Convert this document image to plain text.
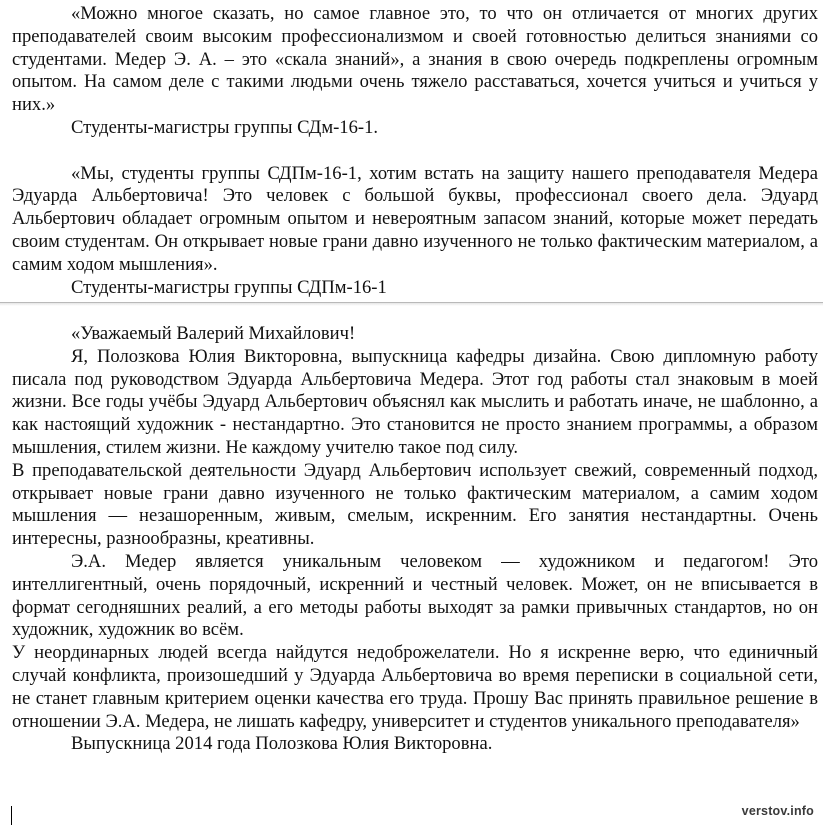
«Можно многое сказать, но самое главное это, то что он отличается от многих других преподавателей своим высоким профессионализмом и своей готовностью делиться знаниями со студентами. Медер Э. А. – это «скала знаний», а знания в свою очередь подкреплены огромным опытом. На самом деле с такими людьми очень тяжело расставаться, хочется учиться и учиться у них.»

Студенты-магистры группы СДм-16-1.

«Мы, студенты группы СДПм-16-1, хотим встать на защиту нашего преподавателя Медера Эдуарда Альбертовича! Это человек с большой буквы, профессионал своего дела. Эдуард Альбертович обладает огромным опытом и невероятным запасом знаний, которые может передать своим студентам. Он открывает новые грани давно изученного не только фактическим материалом, а самим ходом мышления».

Студенты-магистры группы СДПм-16-1

«Уважаемый Валерий Михайлович!

Я, Полозкова Юлия Викторовна, выпускница кафедры дизайна. Свою дипломную работу писала под руководством Эдуарда Альбертовича Медера. Этот год работы стал знаковым в моей жизни. Все годы учёбы Эдуард Альбертович объяснял как мыслить и работать иначе, не шаблонно, а как настоящий художник - нестандартно. Это становится не просто знанием программы, а образом мышления, стилем жизни. Не каждому учителю такое под силу.

В преподавательской деятельности Эдуард Альбертович использует свежий, современный подход, открывает новые грани давно изученного не только фактическим материалом, а самим ходом мышления — незашоренным, живым, смелым, искренним. Его занятия нестандартны. Очень интересны, разнообразны, креативны.

Э.А. Медер является уникальным человеком — художником и педагогом! Это интеллигентный, очень порядочный, искренний и честный человек. Может, он не вписывается в формат сегодняшних реалий, а его методы работы выходят за рамки привычных стандартов, но он художник, художник во всём.

У неординарных людей всегда найдутся недоброжелатели. Но я искренне верю, что единичный случай конфликта, произошедший у Эдуарда Альбертовича во время переписки в социальной сети, не станет главным критерием оценки качества его труда. Прошу Вас принять правильное решение в отношении Э.А. Медера, не лишать кафедру, университет и студентов уникального преподавателя»

Выпускница 2014 года Полозкова Юлия Викторовна.

verstov.info
